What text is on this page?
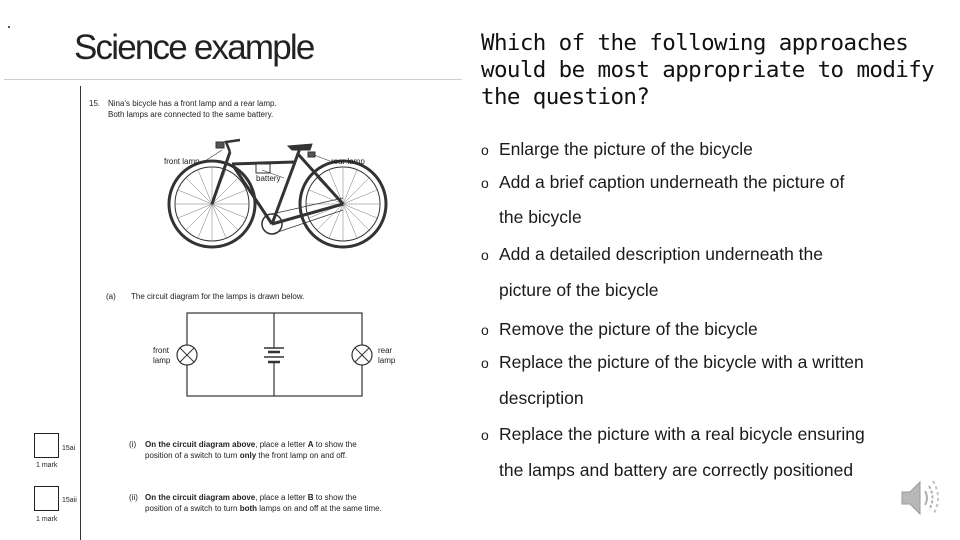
Science example
15. Nina's bicycle has a front lamp and a rear lamp.
Both lamps are connected to the same battery.
front lamp	rear lamp
battery
(a) The circuit diagram for the lamps is drawn below.
front
lamp
rear
lamp
15ai
1 mark
(i) On the circuit diagram above, place a letter A to show the
position of a switch to turn only the front lamp on and off.
15aii
1 mark
(ii) On the circuit diagram above, place a letter B to show the
position of a switch to turn both lamps on and off at the same time.
Which of the following approaches would be most appropriate to modify the question?
o Enlarge the picture of the bicycle
o Add a brief caption underneath the picture of
the bicycle
o Add a detailed description underneath the
picture of the bicycle
o Remove the picture of the bicycle
o Replace the picture of the bicycle with a written
description
o Replace the picture with a real bicycle ensuring
the lamps and battery are correctly positioned
